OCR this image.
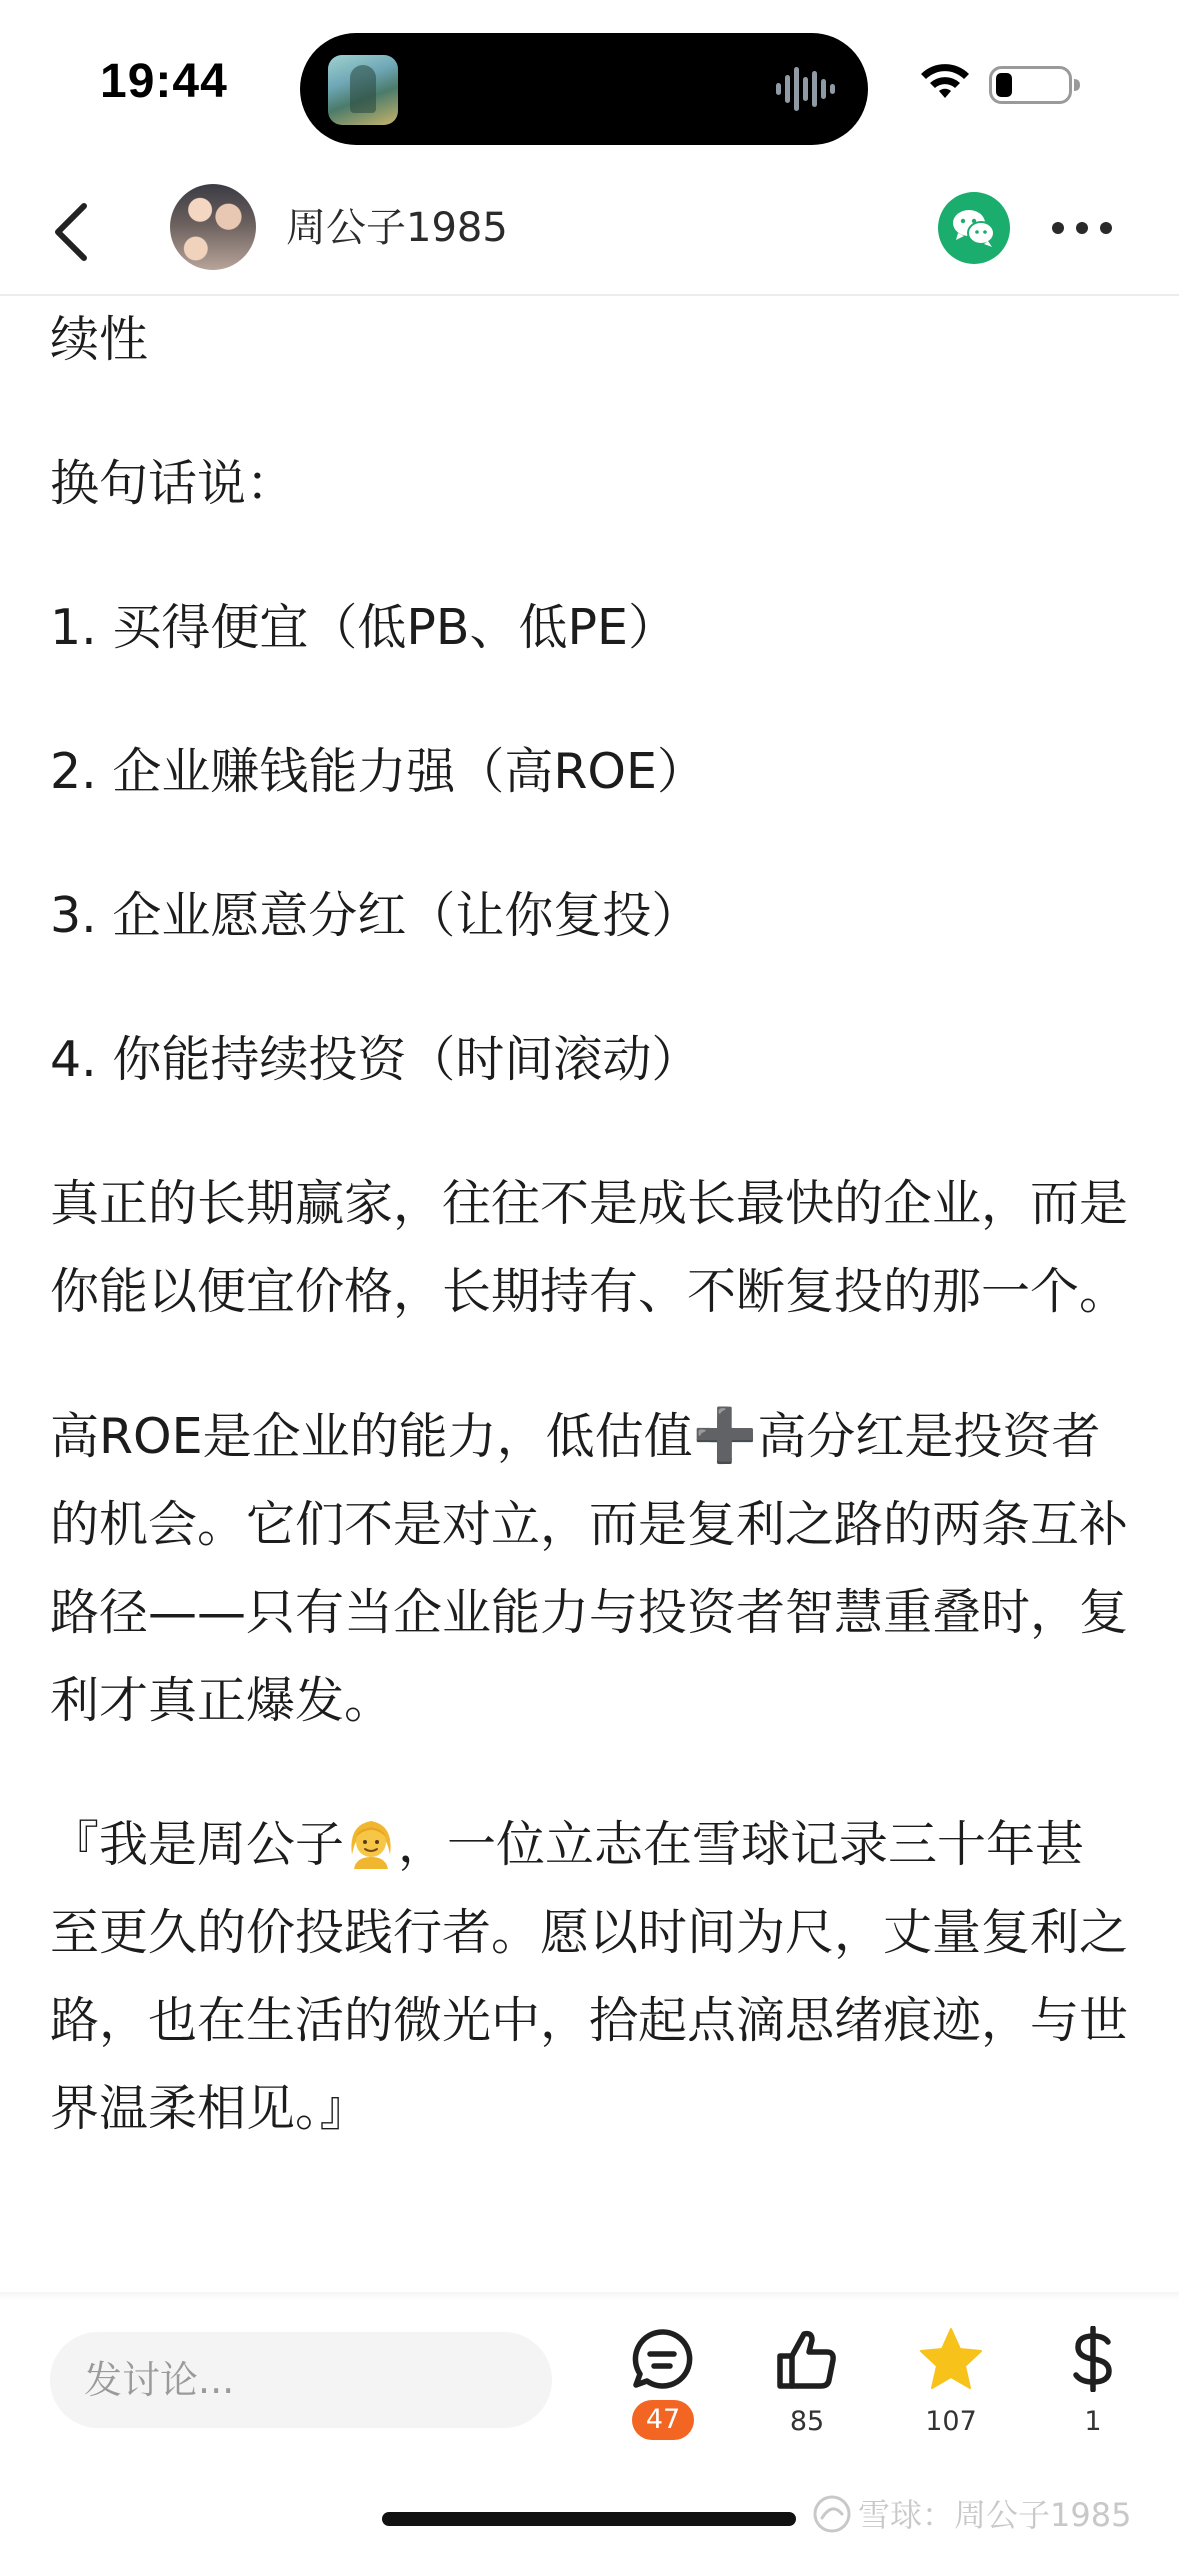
19:44
周公子1985

续性

换句话说：

1. 买得便宜（低PB、低PE）

2. 企业赚钱能力强（高ROE）

3. 企业愿意分红（让你复投）

4. 你能持续投资（时间滚动）

真正的长期赢家，往往不是成长最快的企业，而是你能以便宜价格，长期持有、不断复投的那一个。

高ROE是企业的能力，低估值➕高分红是投资者的机会。它们不是对立，而是复利之路的两条互补路径——只有当企业能力与投资者智慧重叠时，复利才真正爆发。

『我是周公子 ，一位立志在雪球记录三十年甚至更久的价投践行者。愿以时间为尺，丈量复利之路，也在生活的微光中，拾起点滴思绪痕迹，与世界温柔相见。』

发讨论...
47	85	107	1
雪球：周公子1985
